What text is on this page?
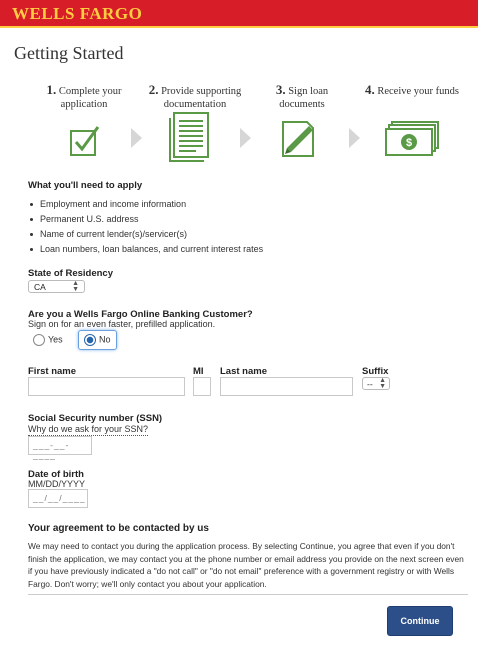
WELLS FARGO
Getting Started
1. Complete your
application
2. Provide supporting
documentation
3. Sign loan
documents
4. Receive your funds
$
What you'll need to apply
Employment and income information
Permanent U.S. address
Name of current lender(s)/servicer(s)
Loan numbers, loan balances, and current interest rates
State of Residency
CA	▲
▼
Are you a Wells Fargo Online Banking Customer?
Sign on for an even faster, prefilled application.
Yes	No
First name	MI Last name	Suffix
-- ▲
▼
Social Security number (SSN)
Why do we ask for your SSN?
___-__-____
Date of birth
MM/DD/YYYY
__/__/____
Your agreement to be contacted by us
We may need to contact you during the application process. By selecting Continue, you agree that even if you don't finish the application, we may contact you at the phone number or email address you provide on the next screen even if you have previously indicated a "do not call" or "do not email" preference with a government registry or with Wells Fargo. Don't worry; we'll only contact you about your application.
Continue
